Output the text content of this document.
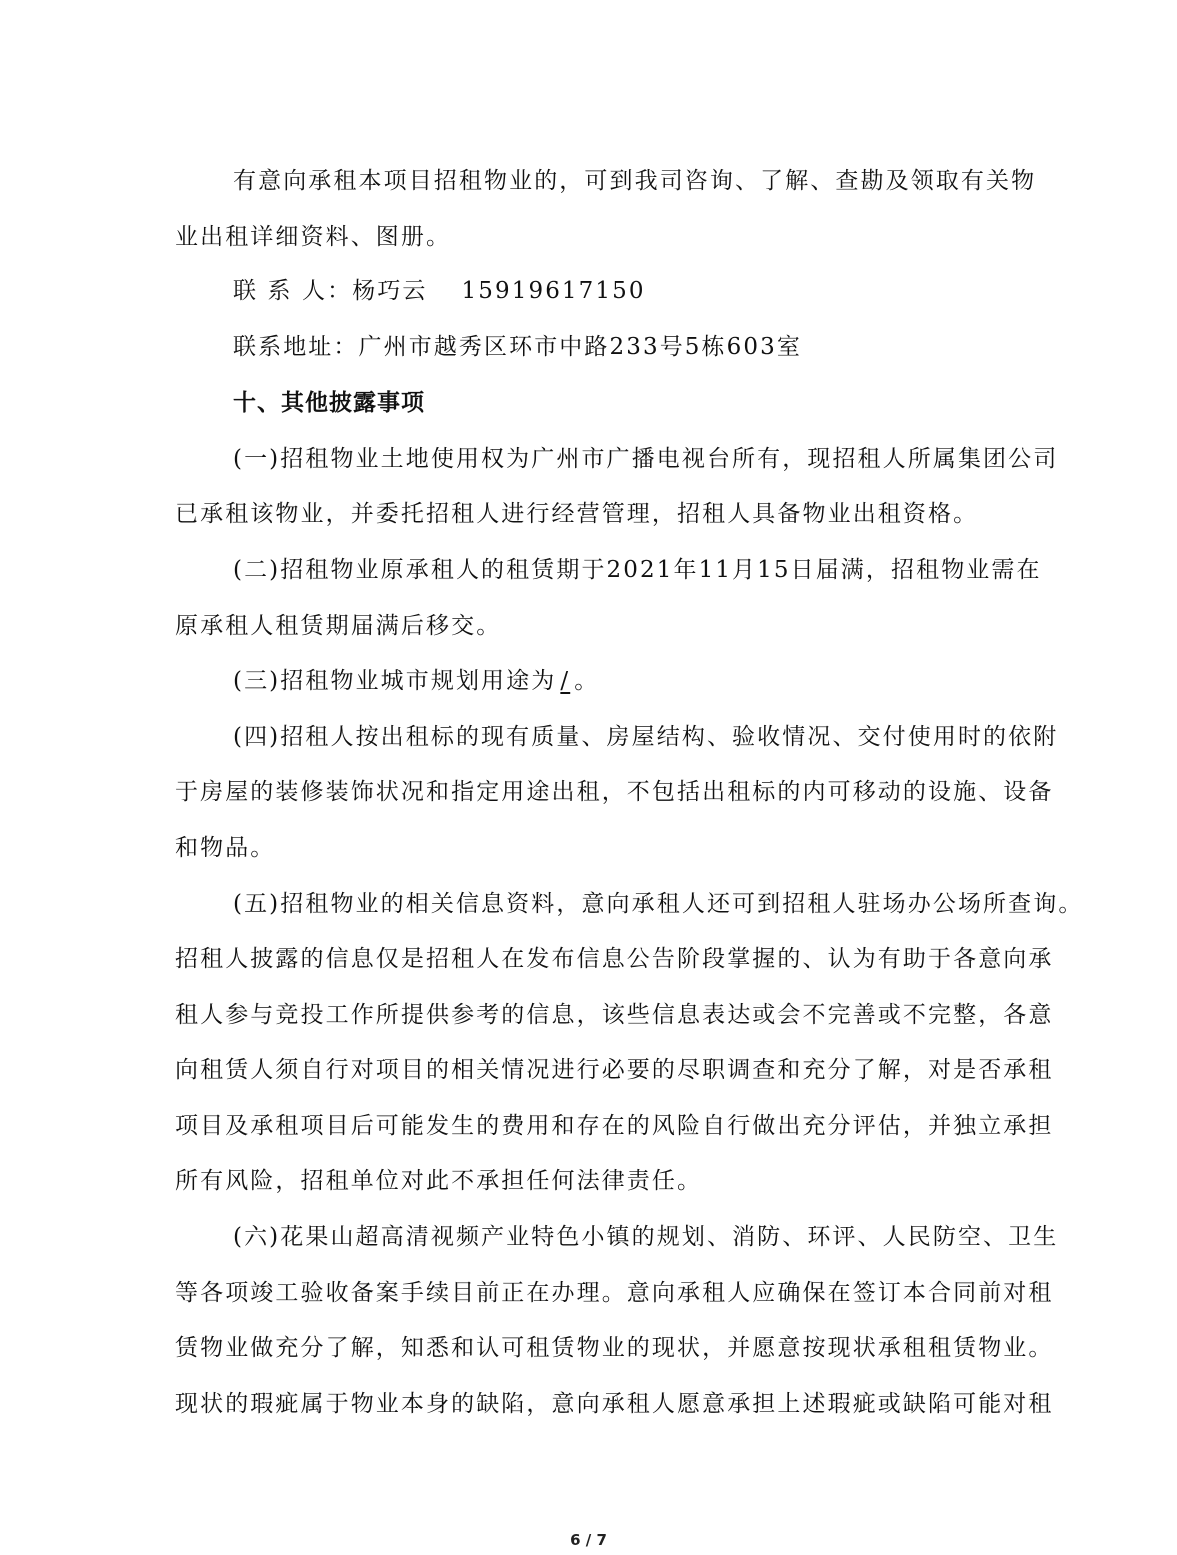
有意向承租本项目招租物业的，可到我司咨询、了解、查勘及领取有关物
业出租详细资料、图册。
联 系 人：杨巧云 15919617150
联系地址：广州市越秀区环市中路233号5栋603室
十、其他披露事项
(一)招租物业土地使用权为广州市广播电视台所有，现招租人所属集团公司
已承租该物业，并委托招租人进行经营管理，招租人具备物业出租资格。
(二)招租物业原承租人的租赁期于2021年11月15日届满，招租物业需在
原承租人租赁期届满后移交。
(三)招租物业城市规划用途为 / 。
(四)招租人按出租标的现有质量、房屋结构、验收情况、交付使用时的依附
于房屋的装修装饰状况和指定用途出租，不包括出租标的内可移动的设施、设备
和物品。
(五)招租物业的相关信息资料，意向承租人还可到招租人驻场办公场所查询。
招租人披露的信息仅是招租人在发布信息公告阶段掌握的、认为有助于各意向承
租人参与竞投工作所提供参考的信息，该些信息表达或会不完善或不完整，各意
向租赁人须自行对项目的相关情况进行必要的尽职调查和充分了解，对是否承租
项目及承租项目后可能发生的费用和存在的风险自行做出充分评估，并独立承担
所有风险，招租单位对此不承担任何法律责任。
(六)花果山超高清视频产业特色小镇的规划、消防、环评、人民防空、卫生
等各项竣工验收备案手续目前正在办理。意向承租人应确保在签订本合同前对租
赁物业做充分了解，知悉和认可租赁物业的现状，并愿意按现状承租租赁物业。
现状的瑕疵属于物业本身的缺陷，意向承租人愿意承担上述瑕疵或缺陷可能对租
6 / 7
